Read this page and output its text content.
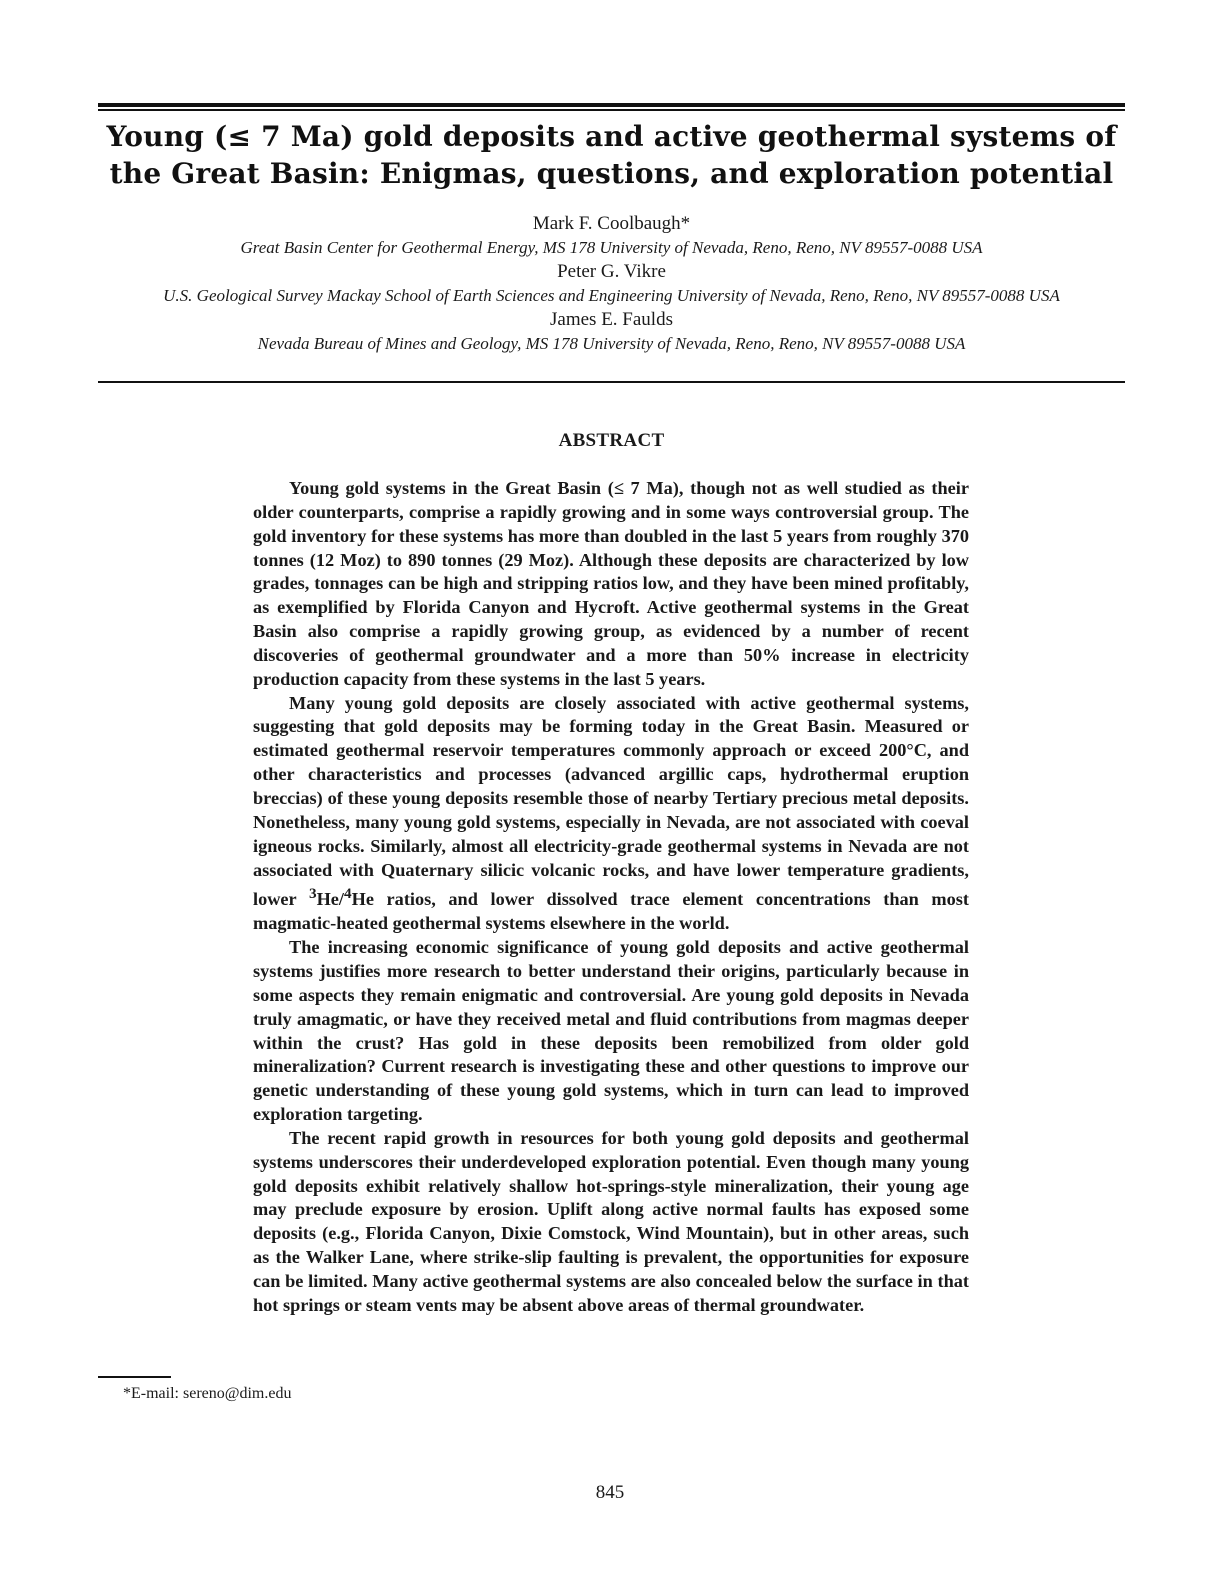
Young (≤ 7 Ma) gold deposits and active geothermal systems of the Great Basin: Enigmas, questions, and exploration potential
Mark F. Coolbaugh*
Great Basin Center for Geothermal Energy, MS 178 University of Nevada, Reno, Reno, NV 89557-0088 USA
Peter G. Vikre
U.S. Geological Survey Mackay School of Earth Sciences and Engineering University of Nevada, Reno, Reno, NV 89557-0088 USA
James E. Faulds
Nevada Bureau of Mines and Geology, MS 178 University of Nevada, Reno, Reno, NV 89557-0088 USA
ABSTRACT

Young gold systems in the Great Basin (≤ 7 Ma), though not as well studied as their older counterparts, comprise a rapidly growing and in some ways controversial group. The gold inventory for these systems has more than doubled in the last 5 years from roughly 370 tonnes (12 Moz) to 890 tonnes (29 Moz). Although these deposits are characterized by low grades, tonnages can be high and stripping ratios low, and they have been mined profitably, as exemplified by Florida Canyon and Hycroft. Active geothermal systems in the Great Basin also comprise a rapidly growing group, as evidenced by a number of recent discoveries of geothermal groundwater and a more than 50% increase in electricity production capacity from these systems in the last 5 years.

Many young gold deposits are closely associated with active geothermal systems, suggesting that gold deposits may be forming today in the Great Basin. Measured or estimated geothermal reservoir temperatures commonly approach or exceed 200°C, and other characteristics and processes (advanced argillic caps, hydrothermal eruption breccias) of these young deposits resemble those of nearby Tertiary precious metal deposits. Nonetheless, many young gold systems, especially in Nevada, are not associated with coeval igneous rocks. Similarly, almost all electricity-grade geothermal systems in Nevada are not associated with Quaternary silicic volcanic rocks, and have lower temperature gradients, lower $^3$He/$^4$He ratios, and lower dissolved trace element concentrations than most magmatic-heated geothermal systems elsewhere in the world.

The increasing economic significance of young gold deposits and active geothermal systems justifies more research to better understand their origins, particularly because in some aspects they remain enigmatic and controversial. Are young gold deposits in Nevada truly amagmatic, or have they received metal and fluid contributions from magmas deeper within the crust? Has gold in these deposits been remobilized from older gold mineralization? Current research is investigating these and other questions to improve our genetic understanding of these young gold systems, which in turn can lead to improved exploration targeting.

The recent rapid growth in resources for both young gold deposits and geothermal systems underscores their underdeveloped exploration potential. Even though many young gold deposits exhibit relatively shallow hot-springs-style mineralization, their young age may preclude exposure by erosion. Uplift along active normal faults has exposed some deposits (e.g., Florida Canyon, Dixie Comstock, Wind Mountain), but in other areas, such as the Walker Lane, where strike-slip faulting is prevalent, the opportunities for exposure can be limited. Many active geothermal systems are also concealed below the surface in that hot springs or steam vents may be absent above areas of thermal groundwater.

*E-mail: sereno@dim.edu
845
